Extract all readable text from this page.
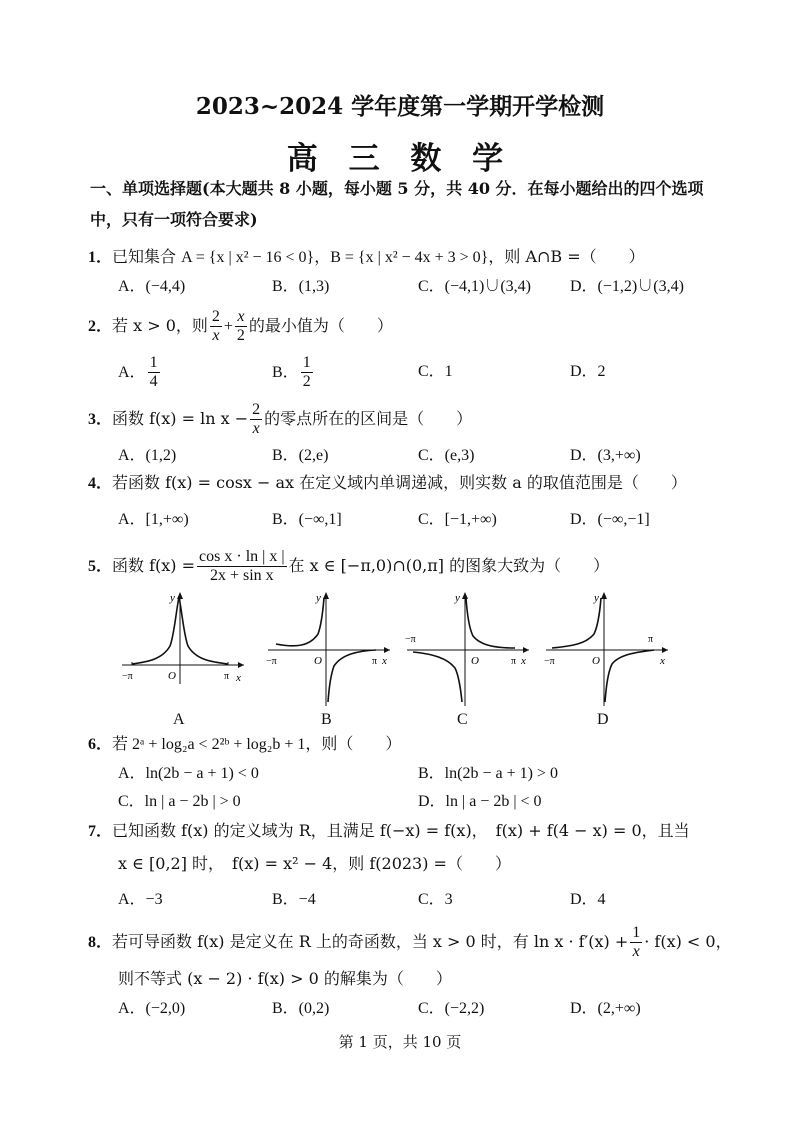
2023~2024 学年度第一学期开学检测
高 三 数 学
一、单项选择题(本大题共 8 小题，每小题 5 分，共 40 分．在每小题给出的四个选项
中，只有一项符合要求)
1．已知集合 A = {x | x² − 16 < 0}，B = {x | x² − 4x + 3 > 0}，则 A∩B =（　　）
A．(−4,4)	B．(1,3)	C．(−4,1)∪(3,4) D．(−1,2)∪(3,4)
2．若 x > 0，则 $\frac{2}{x} + \frac{x}{2}$ 的最小值为（　　）
A． $\frac{1}{4}$	B． $\frac{1}{2}$	C．1	D．2
3．函数 $f(x) = \ln x - \frac{2}{x}$ 的零点所在的区间是（　　）
A．(1,2)	B．(2,e)	C．(e,3)	D．(3,+∞)
4．若函数 f(x) = cosx − ax 在定义域内单调递减，则实数 a 的取值范围是（　　）
A．[1,+∞)	B．(−∞,1]	C．[−1,+∞)	D．(−∞,−1]
5．函数 $f(x) = \frac{\text{cos x · ln | x |}}{\text{2x + sin x}}$ 在 x ∈ [−π,0)∩(0,π] 的图象大致为（　　）
−π	π
O
y
x
−π	π
O
y
x
−π
π
O
y
x −π
π
O
y
x
A	B	C	D
6．若 2ᵃ + log₂a < 2²ᵇ + log₂b + 1，则（　　）
A．ln(2b − a + 1) < 0	B．ln(2b − a + 1) > 0
C．ln | a − 2b | > 0	D．ln | a − 2b | < 0
7．已知函数 f(x) 的定义域为 R，且满足 f(−x) = f(x)，　f(x) + f(4 − x) = 0，且当
x ∈ [0,2] 时，　f(x) = x² − 4，则 f(2023) =（　　）
A．−3	B．−4	C．3	D．4
8．若可导函数 f(x) 是定义在 R 上的奇函数，当 x > 0 时，有 $\ln x \cdot f'(x) + \frac{1}{x} \cdot f(x) < 0$，
则不等式 (x − 2) · f(x) > 0 的解集为（　　）
A．(−2,0)	B．(0,2)	C．(−2,2)	D．(2,+∞)
第 1 页，共 10 页
